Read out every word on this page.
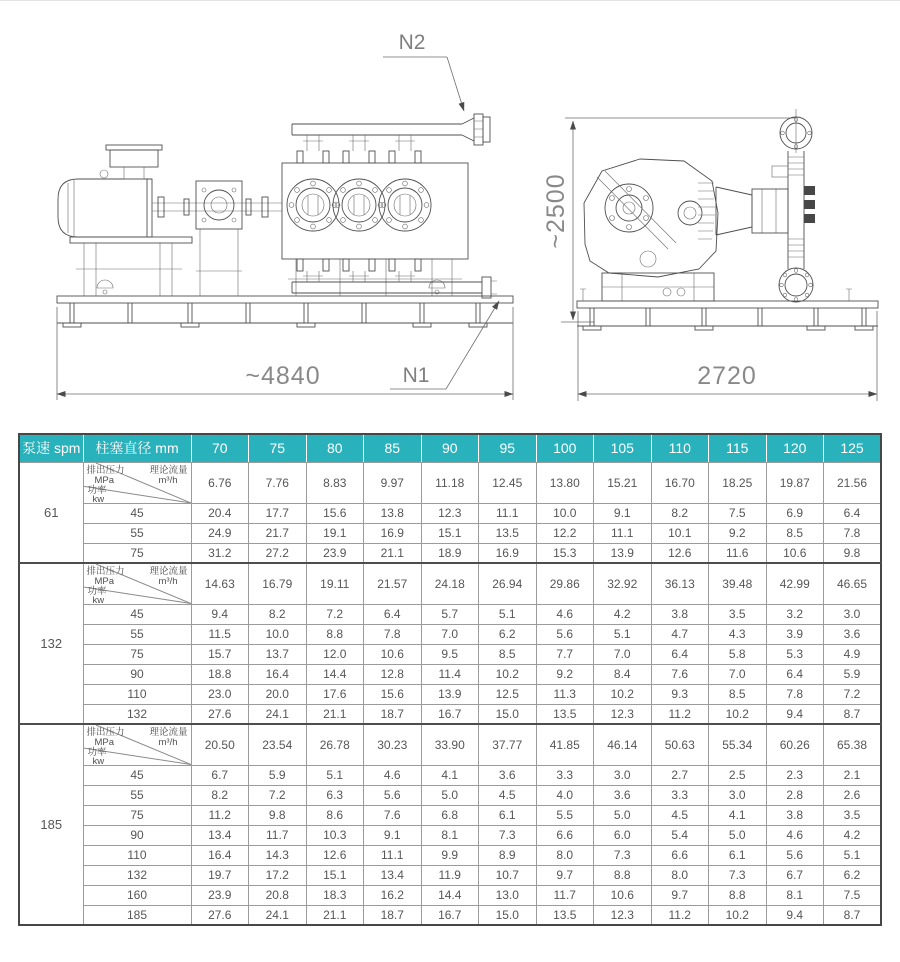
N2
N1
~4840
~2500
2720
泵速 spm	柱塞直径 mm	70	75	80	85	90	95	100	105	110	115	120	125
61	
排出压力
MPa
理论流量
m³/h
功率
kw
	6.76	7.76	8.83	9.97	11.18	12.45	13.80	15.21	16.70	18.25	19.87	21.56
	45	20.4	17.7	15.6	13.8	12.3	11.1	10.0	9.1	8.2	7.5	6.9	6.4
	55	24.9	21.7	19.1	16.9	15.1	13.5	12.2	11.1	10.1	9.2	8.5	7.8
	75	31.2	27.2	23.9	21.1	18.9	16.9	15.3	13.9	12.6	11.6	10.6	9.8
132	
排出压力
MPa
理论流量
m³/h
功率
kw
	14.63	16.79	19.11	21.57	24.18	26.94	29.86	32.92	36.13	39.48	42.99	46.65
	45	9.4	8.2	7.2	6.4	5.7	5.1	4.6	4.2	3.8	3.5	3.2	3.0
	55	11.5	10.0	8.8	7.8	7.0	6.2	5.6	5.1	4.7	4.3	3.9	3.6
	75	15.7	13.7	12.0	10.6	9.5	8.5	7.7	7.0	6.4	5.8	5.3	4.9
	90	18.8	16.4	14.4	12.8	11.4	10.2	9.2	8.4	7.6	7.0	6.4	5.9
	110	23.0	20.0	17.6	15.6	13.9	12.5	11.3	10.2	9.3	8.5	7.8	7.2
	132	27.6	24.1	21.1	18.7	16.7	15.0	13.5	12.3	11.2	10.2	9.4	8.7
185	
排出压力
MPa
理论流量
m³/h
功率
kw
	20.50	23.54	26.78	30.23	33.90	37.77	41.85	46.14	50.63	55.34	60.26	65.38
	45	6.7	5.9	5.1	4.6	4.1	3.6	3.3	3.0	2.7	2.5	2.3	2.1
	55	8.2	7.2	6.3	5.6	5.0	4.5	4.0	3.6	3.3	3.0	2.8	2.6
	75	11.2	9.8	8.6	7.6	6.8	6.1	5.5	5.0	4.5	4.1	3.8	3.5
	90	13.4	11.7	10.3	9.1	8.1	7.3	6.6	6.0	5.4	5.0	4.6	4.2
	110	16.4	14.3	12.6	11.1	9.9	8.9	8.0	7.3	6.6	6.1	5.6	5.1
	132	19.7	17.2	15.1	13.4	11.9	10.7	9.7	8.8	8.0	7.3	6.7	6.2
	160	23.9	20.8	18.3	16.2	14.4	13.0	11.7	10.6	9.7	8.8	8.1	7.5
	185	27.6	24.1	21.1	18.7	16.7	15.0	13.5	12.3	11.2	10.2	9.4	8.7
